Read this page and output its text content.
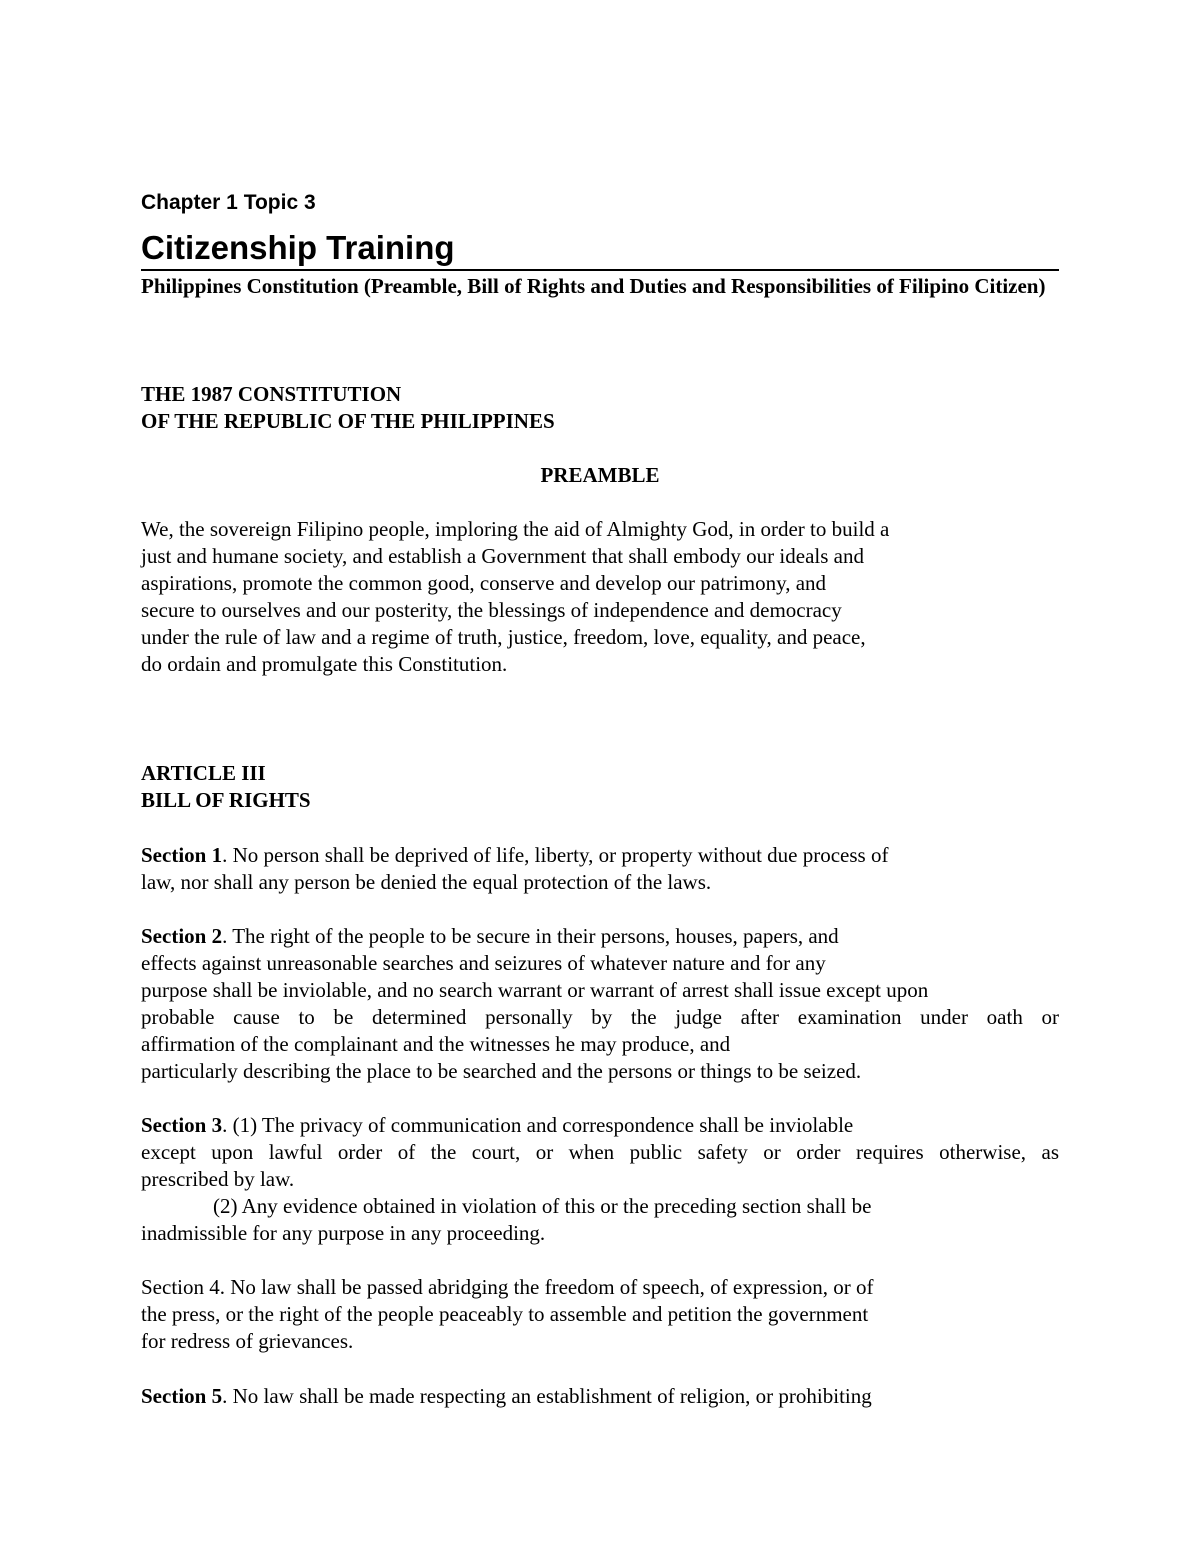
Chapter 1 Topic 3
Citizenship Training
Philippines Constitution (Preamble, Bill of Rights and Duties and Responsibilities of Filipino Citizen)
THE 1987 CONSTITUTION
OF THE REPUBLIC OF THE PHILIPPINES
PREAMBLE
We, the sovereign Filipino people, imploring the aid of Almighty God, in order to build a
just and humane society, and establish a Government that shall embody our ideals and
aspirations, promote the common good, conserve and develop our patrimony, and
secure to ourselves and our posterity, the blessings of independence and democracy
under the rule of law and a regime of truth, justice, freedom, love, equality, and peace,
do ordain and promulgate this Constitution.
ARTICLE III
BILL OF RIGHTS
Section 1. No person shall be deprived of life, liberty, or property without due process of
law, nor shall any person be denied the equal protection of the laws.
Section 2. The right of the people to be secure in their persons, houses, papers, and
effects against unreasonable searches and seizures of whatever nature and for any
purpose shall be inviolable, and no search warrant or warrant of arrest shall issue except upon
probable cause to be determined personally by the judge after examination under oath or
affirmation of the complainant and the witnesses he may produce, and
particularly describing the place to be searched and the persons or things to be seized.
Section 3. (1) The privacy of communication and correspondence shall be inviolable
except upon lawful order of the court, or when public safety or order requires otherwise, as
prescribed by law.
(2) Any evidence obtained in violation of this or the preceding section shall be
inadmissible for any purpose in any proceeding.
Section 4. No law shall be passed abridging the freedom of speech, of expression, or of
the press, or the right of the people peaceably to assemble and petition the government
for redress of grievances.
Section 5. No law shall be made respecting an establishment of religion, or prohibiting
